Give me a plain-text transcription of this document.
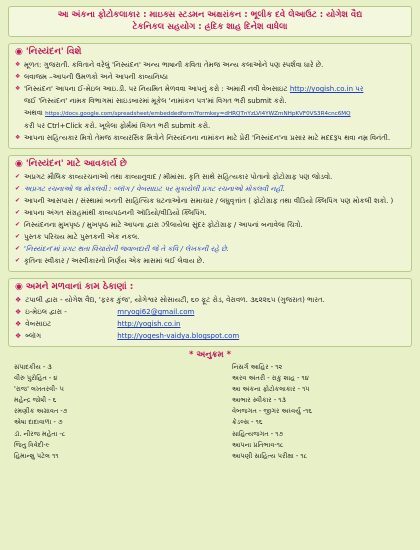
આ અંકના ફોટોકલાકાર : માઇક્સ સ્ટડમન અક્ષરાંકન : ભૂલીક દવે લેઆઉટ : યોગેશ વૈદ્ય
ટેકનિકલ સહયોગ : હ્રદિક શાહ દિનેશ વાધેલા
◉ 'નિસ્યંદન' વિશે
❖ મૂળત: ગુજરાતી. કવિતાને વરેલું 'નિસ્યંદન' અન્ય ભાષાની કવિતા તેમજ અન્ય કલાઓને પણ સ્પર્શવા ધારે છે.
❖ લવાજમ –આપની ઉમળકો અને આપની કાવ્યનિષ્ઠા
❖ 'નિસ્યંદન' આપના ઈ-મેઇલ આઇ.ડી. પર નિયમિત મેળવવા આપનું કરો : અમારી નવી વેબસાઇટ http://yogish.co.in પર
જઈ 'નિસ્યંદન' નામક વિભાગમાં સાઇડબારમાં મૂકેલ 'નામાંકન પત્ર'માં વિગત ભરી submit કરો.
અથવા https://docs.google.com/spreadsheet/embeddedform?formkey=dHRQTnYzLVl4YWZmNHpKVF0VS3R4cnc6MQ
કરી પર Ctrl+Click કરો. ખૂલેલા ફોર્મમાં વિગત ભરી submit કરો.
❖ આપના સહિત્યકાર મિત્રો તેમજ કાવ્યરસિક મિત્રોને નિસ્યંદનના નામાંકન માટે પ્રેરી 'નિસ્યંદન'ના પ્રસાર માટે મદદરૂપ થવા નમ્ર વિનંતી.
◉ 'નિસ્યંદન' માટે આવકાર્ય છે
✔ અપ્રગટ મૌલિક કાવ્યરચનાઓ તથા કાવ્યાનુવાદ / મીમાંસા. કૃતિ સાથે સહિત્યકાર પોતાનો ફોટોગ્રાફ પણ જોડવો.
✔ અપ્રગટ રચનાઓ જ મોકલવી : બ્લૉગ / વેબસાઇટ પર મુકાયેલી પ્રગટ રચનાઓ મોકલવી નહીં.
✔ આપની આસપાસ / સંસ્થામાં બનતી સાહિત્યિક ઘટનાઓના સમાચાર / લઘુવૃત્તાંત ( ફોટોગ્રાફ તથા વીડિયો ક્લિપિંગ પણ મોકલી શકો. )
✔ આપના અંગત સંગ્રહમાંથી કાવ્યપઠનની ઑડિયો/વીડિયો ક્લિપિંગ.
✔ નિસ્યંદનના મુખપૃષ્ઠ / મુખપૃષ્ઠ માટે આપના દ્વારા ઝીલાયેલા સુંદર ફોટોગ્રાફ / આપનાં બનાવેલા ચિત્રો.
✔ પુસ્તક પરિચય માટે પુસ્તકની એક નકલ.
✔ 'નિસ્યંદન'માં પ્રગટ થતા વિચારોની જવાબદારી જે તે કવિ / લેખકની રહે છે.
✔ કૃતિના સ્વીકાર / અસ્વીકારનો નિર્ણય એક માસમાં લઈ લેવાય છે.
◉ અમને મળવાનાં કામ ઠેકાણાં :
❖ ટપાલી દ્વારા - યોગેશ વૈદ્ય, 'ફરક કુંજ', યોગેશ્વર સોસાયટી, ૬૦ ફૂટ રોડ, વેરાવળ. ૩૬૨૨૬૫ (ગુજરાત) ભારત.
❖ ઇ-મેઇલ દ્વારા -	mryogi62@gmail.com
❖ વેબસાઇટ	http://yogish.co.in
❖ બ્લૉગ	http://yogesh-vaidya.blogspot.com
* અનુક્રમ *
સંપાદકીય - ૩
વીરુ પુરોહિત - ૪
'રાજ' લખતરવી- ૫
મહેન્દ્ર જોષી - ૬
રમણીક અગ્રાવત -૭
એષા દાદાવાળા - ૭
ડૉ. નીરજ મહેતા -૮
જિતુ ત્રિવેદી-૯
હિમાન્શુ પટેલ ૧૧
નિસર્ગ આહિર - ૧૨
અરવ અંતરી - રાકુ શાહ - ૧૪
આ અંકના ફોટોકલાકાર - ૧૫
આભાર સ્વીકાર - ૧૩
વેબજગત - જીગર અધ્વર્યુ -૧૬
ક્રેડલ્સ - ૧૬
સાહિત્યજગત - ૧૭
આપના પ્રતિભાવ-૧૮
આપણી સાહિત્ય પરીક્ષા - ૧૮
